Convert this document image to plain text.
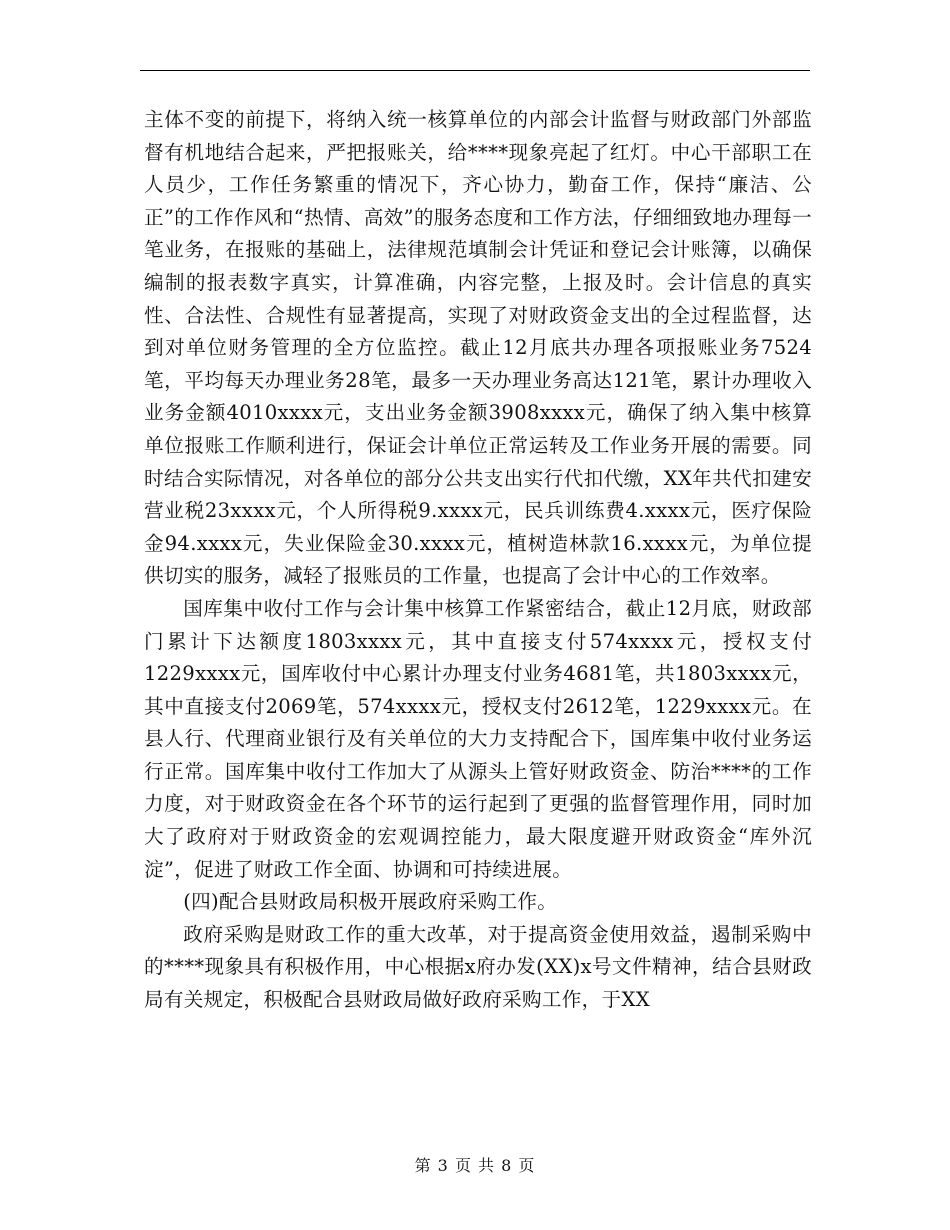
主体不变的前提下，将纳入统一核算单位的内部会计监督与财政部门外部监督有机地结合起来，严把报账关，给****现象亮起了红灯。中心干部职工在人员少，工作任务繁重的情况下，齐心协力，勤奋工作，保持“廉洁、公正”的工作作风和“热情、高效”的服务态度和工作方法，仔细细致地办理每一笔业务，在报账的基础上，法律规范填制会计凭证和登记会计账簿，以确保编制的报表数字真实，计算准确，内容完整，上报及时。会计信息的真实性、合法性、合规性有显著提高，实现了对财政资金支出的全过程监督，达到对单位财务管理的全方位监控。截止12月底共办理各项报账业务7524笔，平均每天办理业务28笔，最多一天办理业务高达121笔，累计办理收入业务金额4010xxxx元，支出业务金额3908xxxx元，确保了纳入集中核算单位报账工作顺利进行，保证会计单位正常运转及工作业务开展的需要。同时结合实际情况，对各单位的部分公共支出实行代扣代缴，XX年共代扣建安营业税23xxxx元，个人所得税9.xxxx元，民兵训练费4.xxxx元，医疗保险金94.xxxx元，失业保险金30.xxxx元，植树造林款16.xxxx元，为单位提供切实的服务，减轻了报账员的工作量，也提高了会计中心的工作效率。

国库集中收付工作与会计集中核算工作紧密结合，截止12月底，财政部门累计下达额度1803xxxx元，其中直接支付574xxxx元，授权支付1229xxxx元，国库收付中心累计办理支付业务4681笔，共1803xxxx元，其中直接支付2069笔，574xxxx元，授权支付2612笔，1229xxxx元。在县人行、代理商业银行及有关单位的大力支持配合下，国库集中收付业务运行正常。国库集中收付工作加大了从源头上管好财政资金、防治****的工作力度，对于财政资金在各个环节的运行起到了更强的监督管理作用，同时加大了政府对于财政资金的宏观调控能力，最大限度避开财政资金“库外沉淀”，促进了财政工作全面、协调和可持续进展。

(四)配合县财政局积极开展政府采购工作。

政府采购是财政工作的重大改革，对于提高资金使用效益，遏制采购中的****现象具有积极作用，中心根据x府办发(XX)x号文件精神，结合县财政局有关规定，积极配合县财政局做好政府采购工作，于XX

第 3 页 共 8 页
